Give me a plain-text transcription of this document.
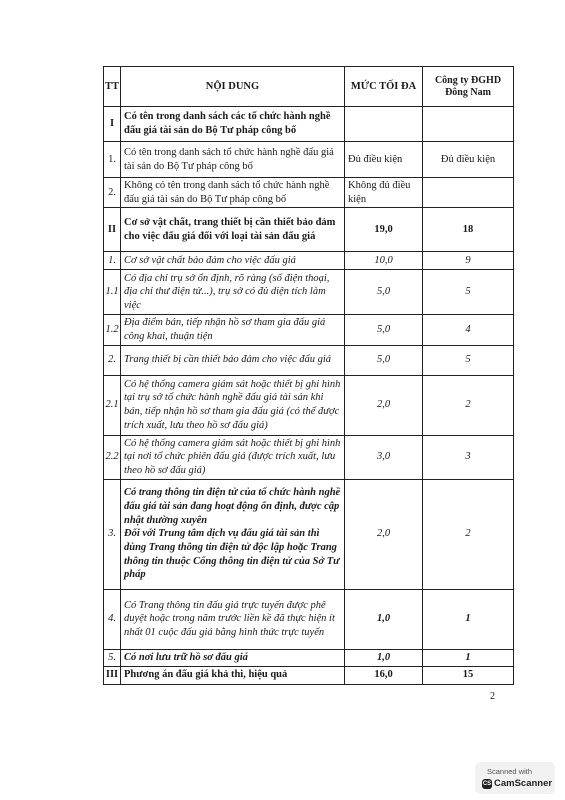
TT	NỘI DUNG	MỨC TỐI ĐA	Công ty ĐGHD Đông Nam
I	Có tên trong danh sách các tổ chức hành nghề đấu giá tài sản do Bộ Tư pháp công bố		
1.	Có tên trong danh sách tổ chức hành nghề đấu giá tài sản do Bộ Tư pháp công bố	Đủ điều kiện	Đủ điều kiện
2.	Không có tên trong danh sách tổ chức hành nghề đấu giá tài sản do Bộ Tư pháp công bố	Không đủ điều kiện	
II	Cơ sở vật chất, trang thiết bị cần thiết bảo đảm cho việc đấu giá đối với loại tài sản đấu giá	19,0	18
1.	Cơ sở vật chất bảo đảm cho việc đấu giá	10,0	9
1.1	Có địa chỉ trụ sở ổn định, rõ ràng (số điện thoại, địa chỉ thư điện tử...), trụ sở có đủ diện tích làm việc	5,0	5
1.2	Địa điểm bán, tiếp nhận hồ sơ tham gia đấu giá công khai, thuận tiện	5,0	4
2.	Trang thiết bị cần thiết bảo đảm cho việc đấu giá	5,0	5
2.1	Có hệ thống camera giám sát hoặc thiết bị ghi hình tại trụ sở tổ chức hành nghề đấu giá tài sản khi bán, tiếp nhận hồ sơ tham gia đấu giá (có thể được trích xuất, lưu theo hồ sơ đấu giá)	2,0	2
2.2	Có hệ thống camera giám sát hoặc thiết bị ghi hình tại nơi tổ chức phiên đấu giá (được trích xuất, lưu theo hồ sơ đấu giá)	3,0	3
3.	Có trang thông tin điện tử của tổ chức hành nghề đấu giá tài sản đang hoạt động ổn định, được cập nhật thường xuyên
Đối với Trung tâm dịch vụ đấu giá tài sản thì dùng Trang thông tin điện tử độc lập hoặc Trang thông tin thuộc Cổng thông tin điện tử của Sở Tư pháp	2,0	2
4.	Có Trang thông tin đấu giá trực tuyến được phê duyệt hoặc trong năm trước liền kề đã thực hiện ít nhất 01 cuộc đấu giá bằng hình thức trực tuyến	1,0	1
5.	Có nơi lưu trữ hồ sơ đấu giá	1,0	1
III	Phương án đấu giá khả thi, hiệu quả	16,0	15
2
Scanned with
CS CamScanner
